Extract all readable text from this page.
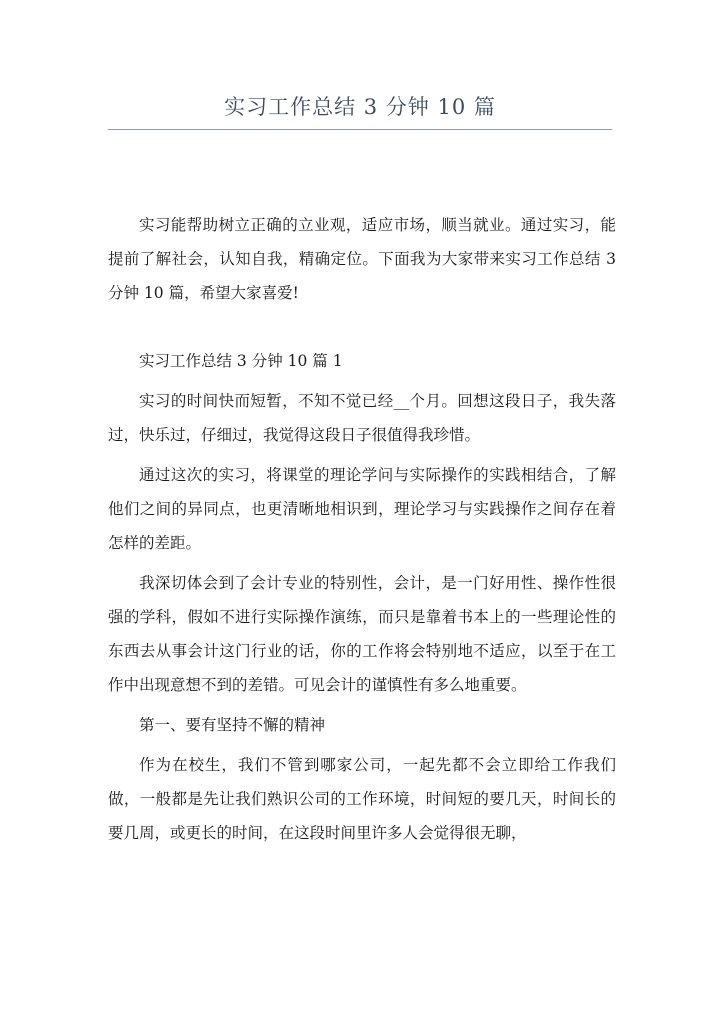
实习工作总结 3 分钟 10 篇

实习能帮助树立正确的立业观，适应市场，顺当就业。通过实习，能提前了解社会，认知自我，精确定位。下面我为大家带来实习工作总结 3 分钟 10 篇，希望大家喜爱!

实习工作总结 3 分钟 10 篇 1

实习的时间快而短暂，不知不觉已经__个月。回想这段日子，我失落过，快乐过，仔细过，我觉得这段日子很值得我珍惜。

通过这次的实习，将课堂的理论学问与实际操作的实践相结合，了解他们之间的异同点，也更清晰地相识到，理论学习与实践操作之间存在着怎样的差距。

我深切体会到了会计专业的特别性，会计，是一门好用性、操作性很强的学科，假如不进行实际操作演练，而只是靠着书本上的一些理论性的东西去从事会计这门行业的话，你的工作将会特别地不适应，以至于在工作中出现意想不到的差错。可见会计的谨慎性有多么地重要。

第一、要有坚持不懈的精神

作为在校生，我们不管到哪家公司，一起先都不会立即给工作我们做，一般都是先让我们熟识公司的工作环境，时间短的要几天，时间长的要几周，或更长的时间，在这段时间里许多人会觉得很无聊，
